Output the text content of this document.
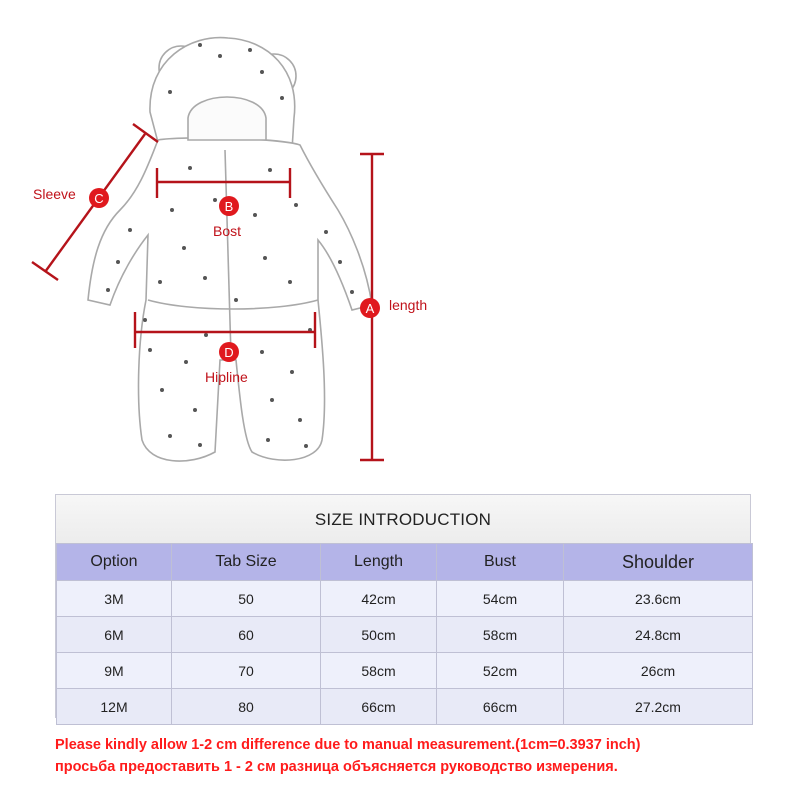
A
B
C
D
length
Bost
Sleeve
Hipline
SIZE INTRODUCTION
Option	Tab Size	Length	Bust	Shoulder
3M	50	42cm	54cm	23.6cm
6M	60	50cm	58cm	24.8cm
9M	70	58cm	52cm	26cm
12M	80	66cm	66cm	27.2cm
Please kindly allow 1-2 cm difference due to manual measurement.(1cm=0.3937 inch)
просьба предоставить 1 - 2 см разница объясняется руководство измерения.
